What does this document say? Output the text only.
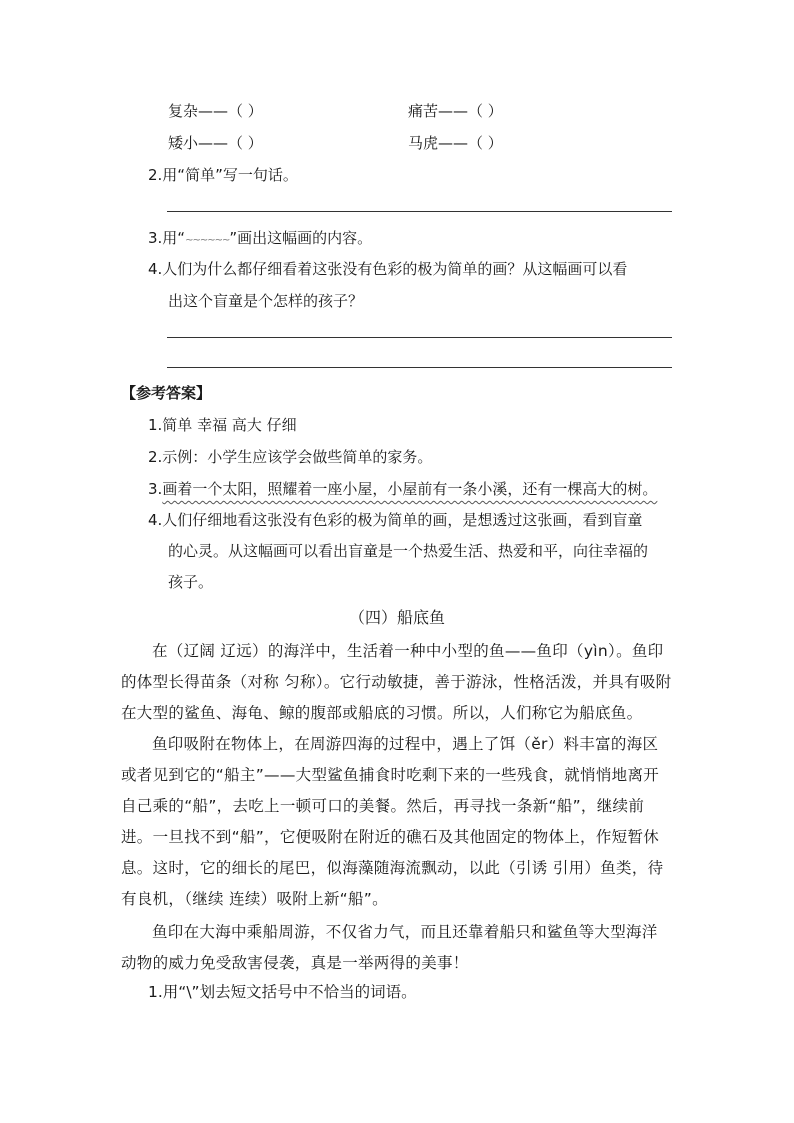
复杂——（ ）	痛苦——（ ）
矮小——（ ）	马虎——（ ）
2.用“简单”写一句话。
3.用“~~~~~~”画出这幅画的内容。
4.人们为什么都仔细看着这张没有色彩的极为简单的画？从这幅画可以看
出这个盲童是个怎样的孩子？
【参考答案】
1.简单 幸福 高大 仔细
2.示例：小学生应该学会做些简单的家务。
3.画着一个太阳，照耀着一座小屋，小屋前有一条小溪，还有一棵高大的树。
4.人们仔细地看这张没有色彩的极为简单的画，是想透过这张画，看到盲童
的心灵。从这幅画可以看出盲童是一个热爱生活、热爱和平，向往幸福的
孩子。
（四）船底鱼
在（辽阔 辽远）的海洋中，生活着一种中小型的鱼——鱼印（yìn）。鱼印的体型长得苗条（对称 匀称）。它行动敏捷，善于游泳，性格活泼，并具有吸附在大型的鲨鱼、海龟、鲸的腹部或船底的习惯。所以，人们称它为船底鱼。
鱼印吸附在物体上，在周游四海的过程中，遇上了饵（ěr）料丰富的海区或者见到它的“船主”——大型鲨鱼捕食时吃剩下来的一些残食，就悄悄地离开自己乘的“船”，去吃上一顿可口的美餐。然后，再寻找一条新“船”，继续前进。一旦找不到“船”，它便吸附在附近的礁石及其他固定的物体上，作短暂休息。这时，它的细长的尾巴，似海藻随海流飘动，以此（引诱 引用）鱼类，待有良机，（继续 连续）吸附上新“船”。
鱼印在大海中乘船周游，不仅省力气，而且还靠着船只和鲨鱼等大型海洋动物的威力免受敌害侵袭，真是一举两得的美事！
1.用“\”划去短文括号中不恰当的词语。
